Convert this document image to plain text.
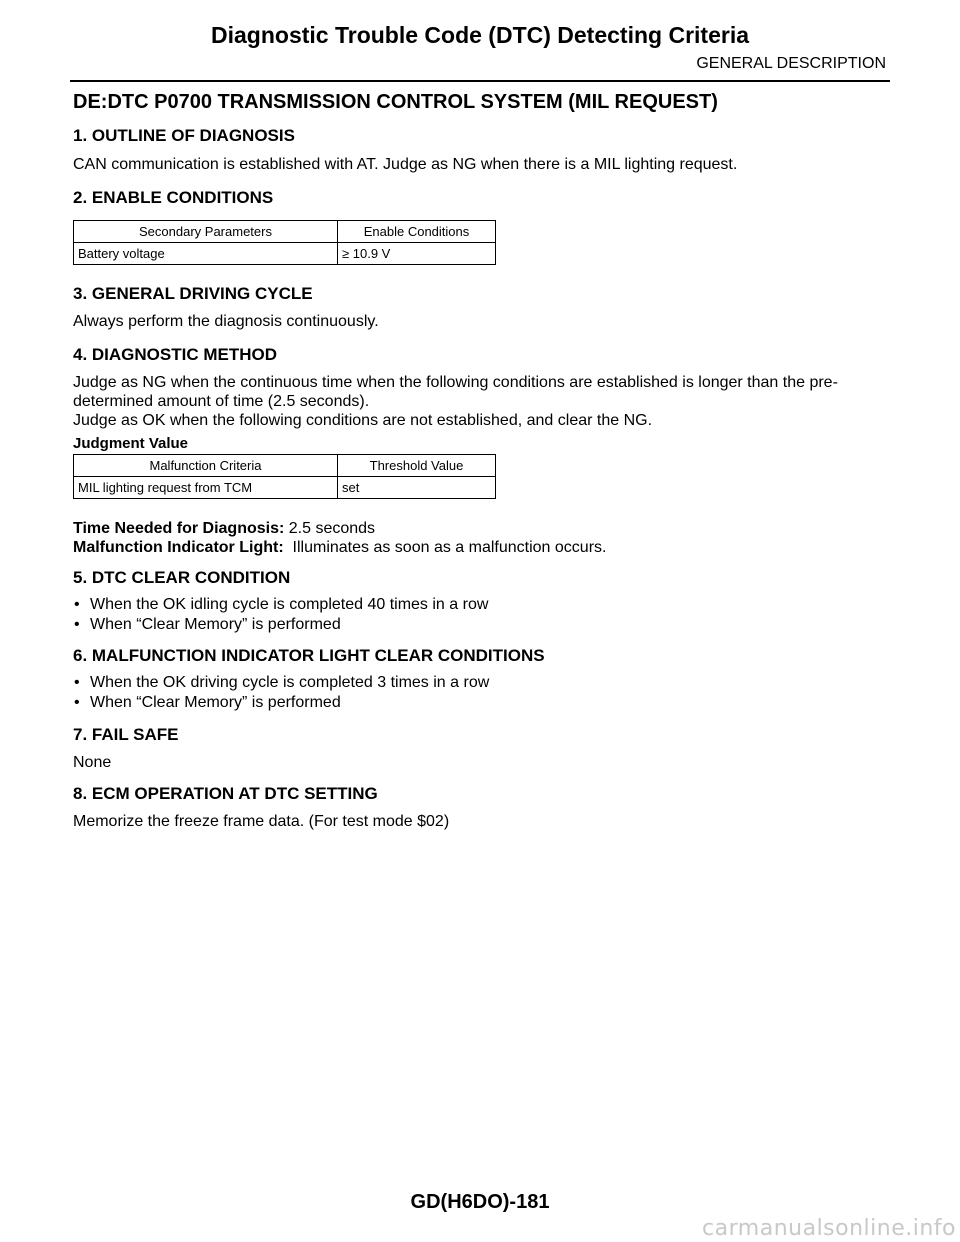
Diagnostic Trouble Code (DTC) Detecting Criteria
GENERAL DESCRIPTION
DE:DTC P0700 TRANSMISSION CONTROL SYSTEM (MIL REQUEST)
1. OUTLINE OF DIAGNOSIS

CAN communication is established with AT. Judge as NG when there is a MIL lighting request.

2. ENABLE CONDITIONS
Secondary Parameters	Enable Conditions
Battery voltage	≥ 10.9 V
3. GENERAL DRIVING CYCLE

Always perform the diagnosis continuously.

4. DIAGNOSTIC METHOD

Judge as NG when the continuous time when the following conditions are established is longer than the pre-

determined amount of time (2.5 seconds).

Judge as OK when the following conditions are not established, and clear the NG.

Judgment Value

Malfunction Criteria	Threshold Value
MIL lighting request from TCM	set

Time Needed for Diagnosis: 2.5 seconds

Malfunction Indicator Light: Illuminates as soon as a malfunction occurs.

5. DTC CLEAR CONDITION
• When the OK idling cycle is completed 40 times in a row
• When “Clear Memory” is performed
6. MALFUNCTION INDICATOR LIGHT CLEAR CONDITIONS
• When the OK driving cycle is completed 3 times in a row
• When “Clear Memory” is performed
7. FAIL SAFE

None

8. ECM OPERATION AT DTC SETTING

Memorize the freeze frame data. (For test mode $02)

GD(H6DO)-181
carmanualsonline.info
